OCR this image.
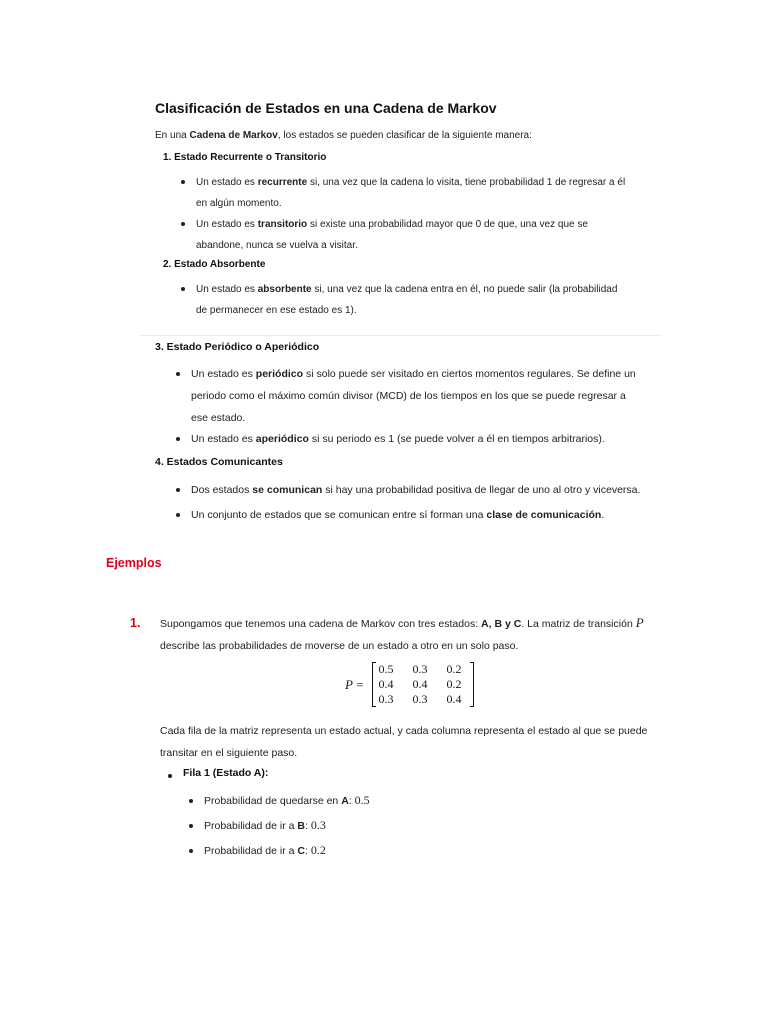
Clasificación de Estados en una Cadena de Markov
En una Cadena de Markov, los estados se pueden clasificar de la siguiente manera:
1. Estado Recurrente o Transitorio
Un estado es recurrente si, una vez que la cadena lo visita, tiene probabilidad 1 de regresar a él
en algún momento.
Un estado es transitorio si existe una probabilidad mayor que 0 de que, una vez que se
abandone, nunca se vuelva a visitar.
2. Estado Absorbente
Un estado es absorbente si, una vez que la cadena entra en él, no puede salir (la probabilidad
de permanecer en ese estado es 1).
3. Estado Periódico o Aperiódico
Un estado es periódico si solo puede ser visitado en ciertos momentos regulares. Se define un
periodo como el máximo común divisor (MCD) de los tiempos en los que se puede regresar a
ese estado.
Un estado es aperiódico si su periodo es 1 (se puede volver a él en tiempos arbitrarios).
4. Estados Comunicantes
Dos estados se comunican si hay una probabilidad positiva de llegar de uno al otro y viceversa.
Un conjunto de estados que se comunican entre sí forman una clase de comunicación.
Ejemplos
1. Supongamos que tenemos una cadena de Markov con tres estados: A, B y C. La matriz de transición P
describe las probabilidades de moverse de un estado a otro en un solo paso.
P =
0.5	0.3	0.2
0.4	0.4	0.2
0.3	0.3	0.4
Cada fila de la matriz representa un estado actual, y cada columna representa el estado al que se puede
transitar en el siguiente paso.
Fila 1 (Estado A):
Probabilidad de quedarse en A: 0.5
Probabilidad de ir a B: 0.3
Probabilidad de ir a C: 0.2
